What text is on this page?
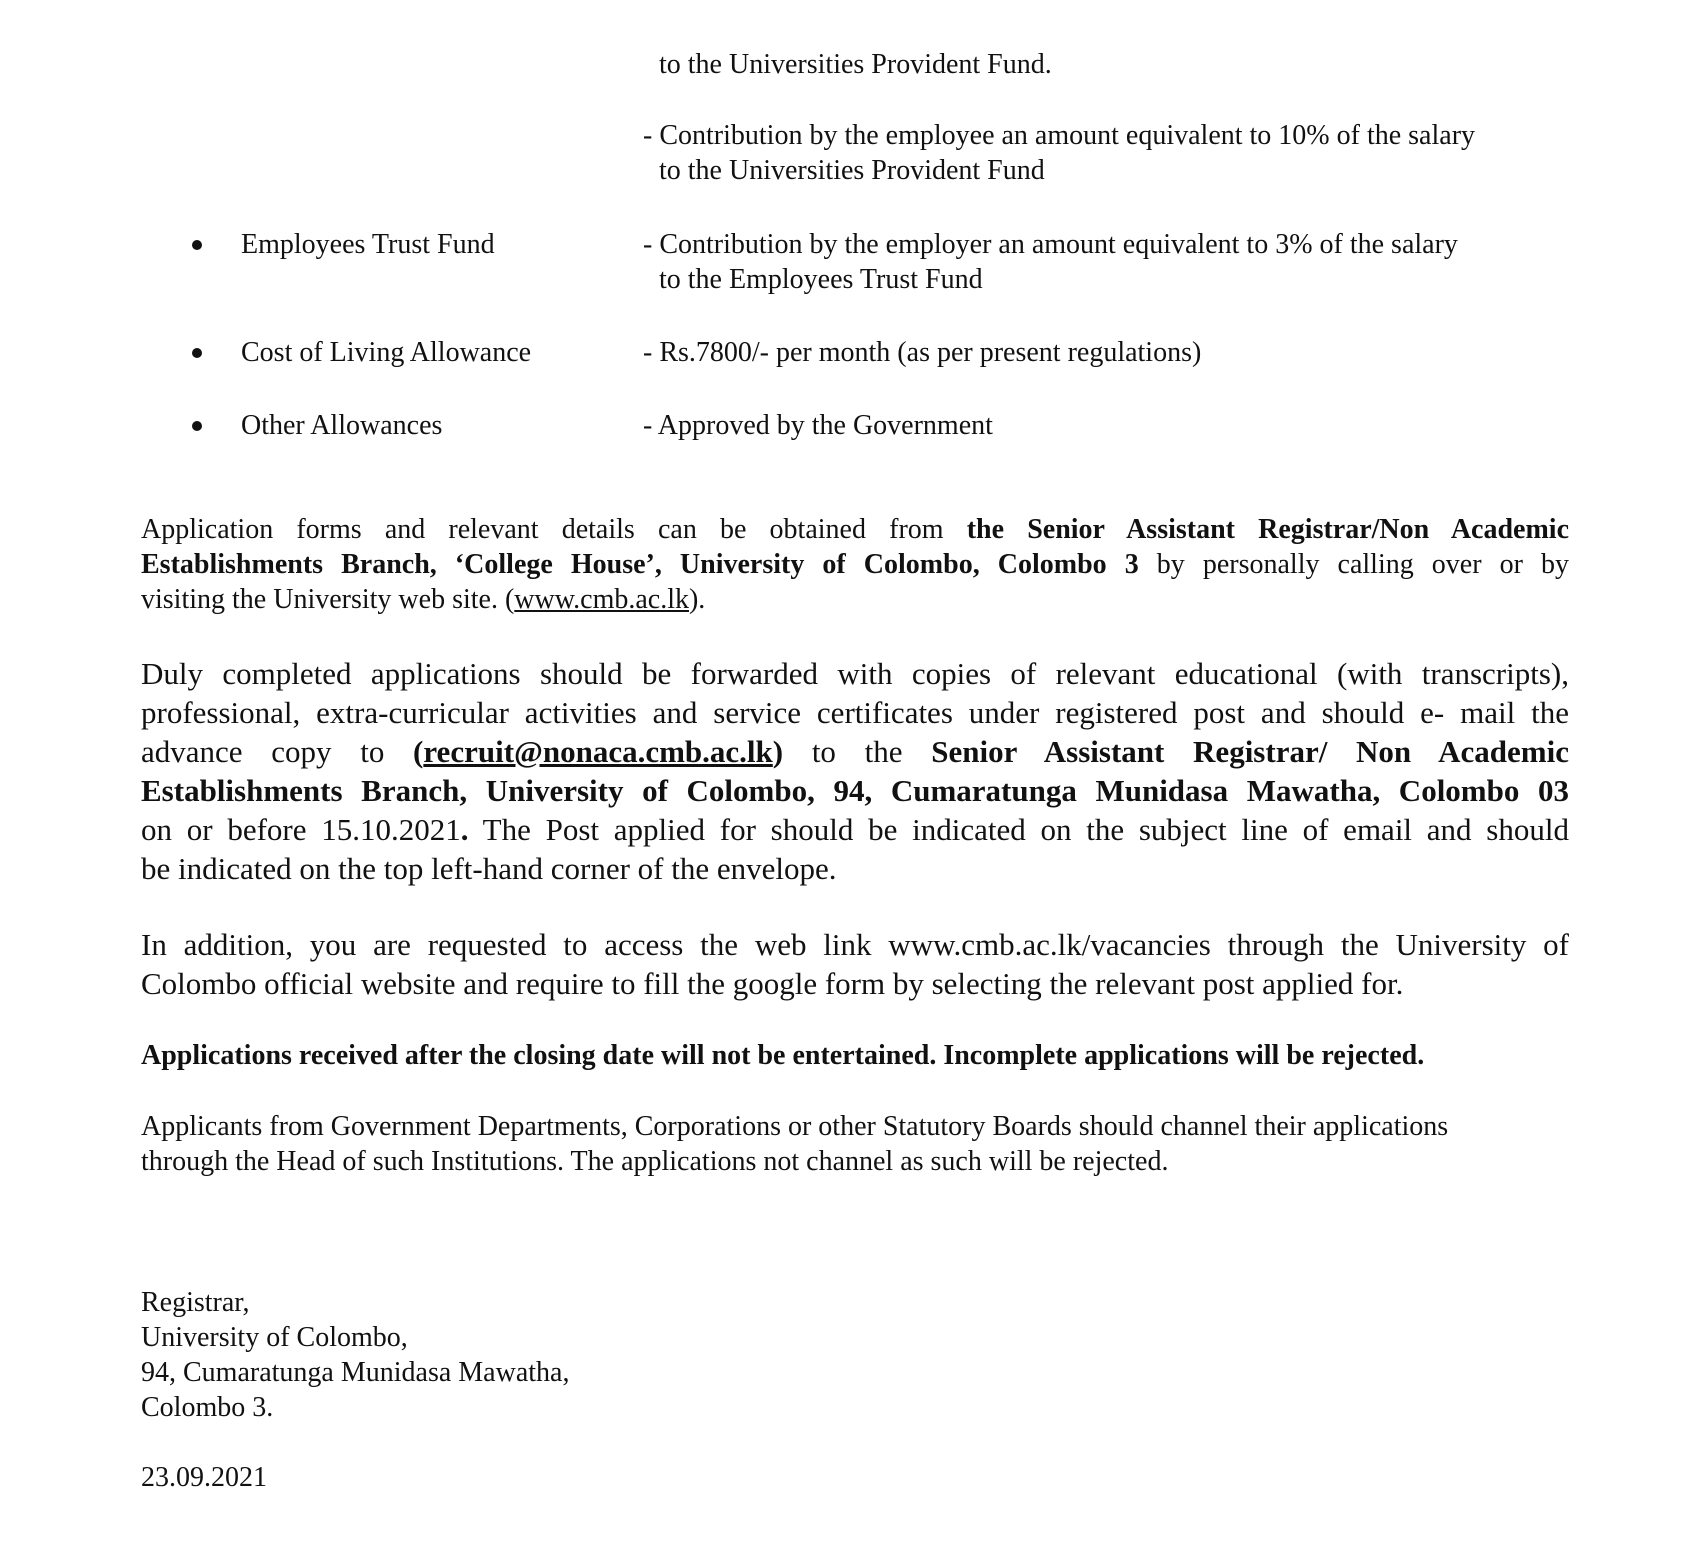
to the Universities Provident Fund.
- Contribution by the employee an amount equivalent to 10% of the salary
to the Universities Provident Fund
Employees Trust Fund	- Contribution by the employer an amount equivalent to 3% of the salary
to the Employees Trust Fund
Cost of Living Allowance	- Rs.7800/- per month (as per present regulations)
Other Allowances	- Approved by the Government
Application forms and relevant details can be obtained from the Senior Assistant Registrar/Non Academic
Establishments Branch, ‘College House’, University of Colombo, Colombo 3 by personally calling over or by
visiting the University web site. (www.cmb.ac.lk).
Duly completed applications should be forwarded with copies of relevant educational (with transcripts),
professional, extra-curricular activities and service certificates under registered post and should e- mail the
advance copy to (recruit@nonaca.cmb.ac.lk) to the Senior Assistant Registrar/ Non Academic
Establishments Branch, University of Colombo, 94, Cumaratunga Munidasa Mawatha, Colombo 03
on or before 15.10.2021. The Post applied for should be indicated on the subject line of email and should
be indicated on the top left-hand corner of the envelope.
In addition, you are requested to access the web link www.cmb.ac.lk/vacancies through the University of
Colombo official website and require to fill the google form by selecting the relevant post applied for.
Applications received after the closing date will not be entertained. Incomplete applications will be rejected.
Applicants from Government Departments, Corporations or other Statutory Boards should channel their applications
through the Head of such Institutions. The applications not channel as such will be rejected.
Registrar,
University of Colombo,
94, Cumaratunga Munidasa Mawatha,
Colombo 3.
23.09.2021
